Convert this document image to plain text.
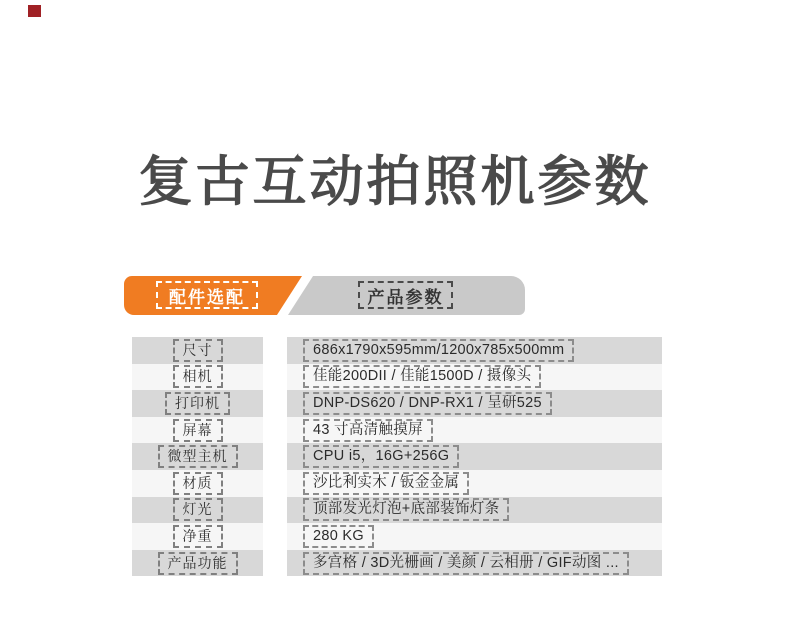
复古互动拍照机参数
配件选配	产品参数
尺寸	686x1790x595mm/1200x785x500mm
相机	佳能200DII / 佳能1500D / 摄像头
打印机	DNP-DS620 / DNP-RX1 / 呈研525
屏幕	43 寸高清触摸屏
微型主机	CPU i5，16G+256G
材质	沙比利实木 / 钣金金属
灯光	顶部发光灯泡+底部装饰灯条
净重	280 KG
产品功能	多宫格 / 3D光栅画 / 美颜 / 云相册 / GIF动图 ...
